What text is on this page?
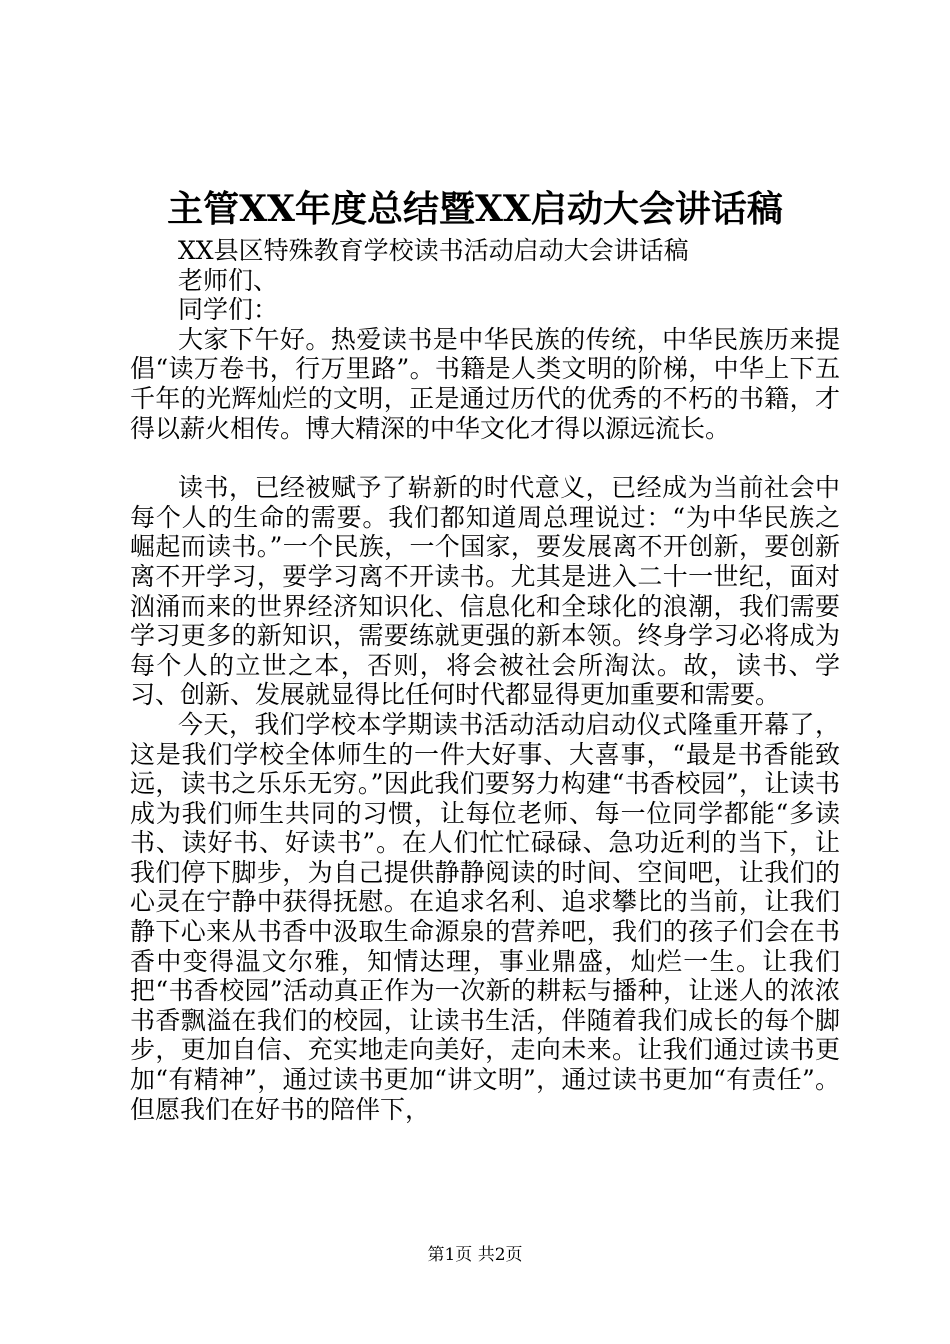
主管XX年度总结暨XX启动大会讲话稿
XX县区特殊教育学校读书活动启动大会讲话稿
老师们、
同学们：

大家下午好。热爱读书是中华民族的传统，中华民族历来提倡“读万卷书，行万里路”。书籍是人类文明的阶梯，中华上下五千年的光辉灿烂的文明，正是通过历代的优秀的不朽的书籍，才得以薪火相传。博大精深的中华文化才得以源远流长。

读书，已经被赋予了崭新的时代意义，已经成为当前社会中每个人的生命的需要。我们都知道周总理说过：“为中华民族之崛起而读书。”一个民族，一个国家，要发展离不开创新，要创新离不开学习，要学习离不开读书。尤其是进入二十一世纪，面对汹涌而来的世界经济知识化、信息化和全球化的浪潮，我们需要学习更多的新知识，需要练就更强的新本领。终身学习必将成为每个人的立世之本，否则，将会被社会所淘汰。故，读书、学习、创新、发展就显得比任何时代都显得更加重要和需要。

今天，我们学校本学期读书活动活动启动仪式隆重开幕了，这是我们学校全体师生的一件大好事、大喜事，“最是书香能致远，读书之乐乐无穷。”因此我们要努力构建“书香校园”，让读书成为我们师生共同的习惯，让每位老师、每一位同学都能“多读书、读好书、好读书”。在人们忙忙碌碌、急功近利的当下，让我们停下脚步，为自己提供静静阅读的时间、空间吧，让我们的心灵在宁静中获得抚慰。在追求名利、追求攀比的当前，让我们静下心来从书香中汲取生命源泉的营养吧，我们的孩子们会在书香中变得温文尔雅，知情达理，事业鼎盛，灿烂一生。让我们把“书香校园”活动真正作为一次新的耕耘与播种，让迷人的浓浓书香飘溢在我们的校园，让读书生活，伴随着我们成长的每个脚步，更加自信、充实地走向美好，走向未来。让我们通过读书更加“有精神”，通过读书更加“讲文明”，通过读书更加“有责任”。但愿我们在好书的陪伴下，

第1页 共2页
